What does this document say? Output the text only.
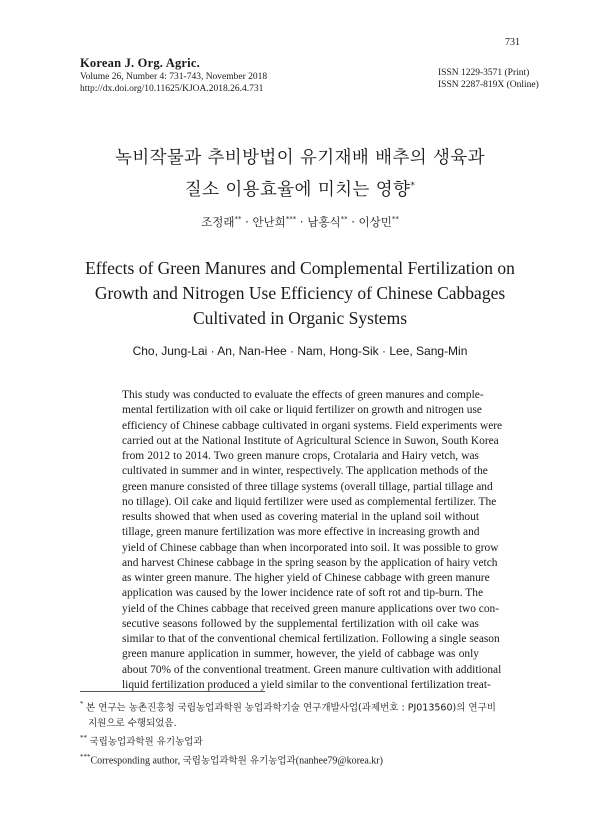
731
Korean J. Org. Agric.
Volume 26, Number 4: 731-743, November 2018
http://dx.doi.org/10.11625/KJOA.2018.26.4.731
ISSN 1229-3571 (Print)
ISSN 2287-819X (Online)
녹비작물과 추비방법이 유기재배 배추의 생육과
질소 이용효율에 미치는 영향*
조정래** · 안난희*** · 남홍식** · 이상민**
Effects of Green Manures and Complemental Fertilization on
Growth and Nitrogen Use Efficiency of Chinese Cabbages
Cultivated in Organic Systems
Cho, Jung-Lai · An, Nan-Hee · Nam, Hong-Sik · Lee, Sang-Min
This study was conducted to evaluate the effects of green manures and comple-
mental fertilization with oil cake or liquid fertilizer on growth and nitrogen use
efficiency of Chinese cabbage cultivated in organi systems. Field experiments were
carried out at the National Institute of Agricultural Science in Suwon, South Korea
from 2012 to 2014. Two green manure crops, Crotalaria and Hairy vetch, was
cultivated in summer and in winter, respectively. The application methods of the
green manure consisted of three tillage systems (overall tillage, partial tillage and
no tillage). Oil cake and liquid fertilizer were used as complemental fertilizer. The
results showed that when used as covering material in the upland soil without
tillage, green manure fertilization was more effective in increasing growth and
yield of Chinese cabbage than when incorporated into soil. It was possible to grow
and harvest Chinese cabbage in the spring season by the application of hairy vetch
as winter green manure. The higher yield of Chinese cabbage with green manure
application was caused by the lower incidence rate of soft rot and tip-burn. The
yield of the Chines cabbage that received green manure applications over two con-
secutive seasons followed by the supplemental fertilization with oil cake was
similar to that of the conventional chemical fertilization. Following a single season
green manure application in summer, however, the yield of cabbage was only
about 70% of the conventional treatment. Green manure cultivation with additional
liquid fertilization produced a yield similar to the conventional fertilization treat-
* 본 연구는 농촌진흥청 국립농업과학원 농업과학기술 연구개발사업(과제번호 : PJ013560)의 연구비
지원으로 수행되었음.
** 국립농업과학원 유기농업과
***Corresponding author, 국립농업과학원 유기농업과(nanhee79@korea.kr)
